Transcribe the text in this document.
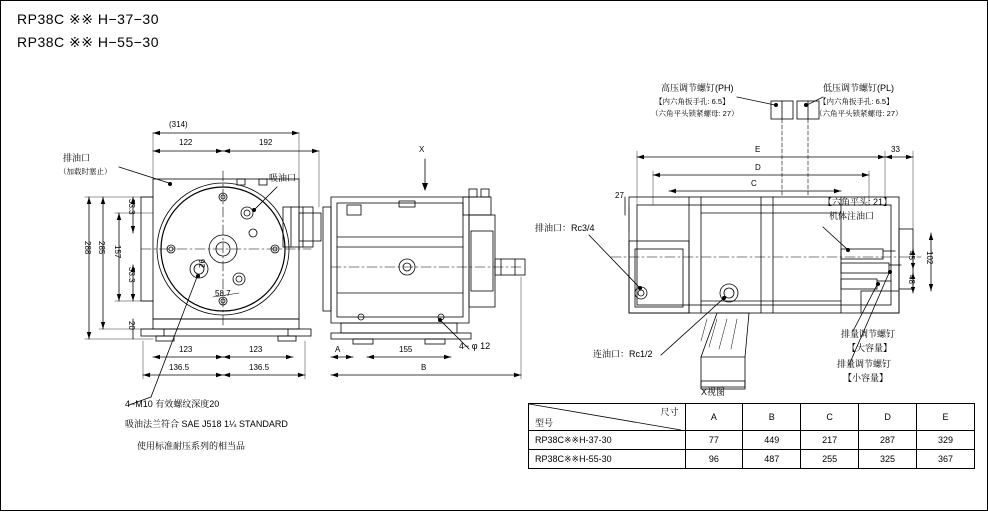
RP38C ※※ H−37−30
RP38C ※※ H−55−30
(314)
122	192
288 285 157
33.3
33.3
20
92
58.7
123	123
136.5	136.5
排油口
（加载时塞止）
吸油口
A	155
B
X
4− φ 12
E
D
C
33
27
102
45
48
高压调节螺钉(PH)
【内六角扳手孔: 6.5】
（六角平头锁紧螺母: 27）
低压调节螺钉(PL)
【内六角扳手孔: 6.5】
（六角平头锁紧螺母: 27）
【六角平头: 21】
机体注油口
排油口：Rc3/4
连油口：Rc1/2
X视图
排量调节螺钉
【大容量】
排量调节螺钉
【小容量】
4−M10 有效螺纹深度20
吸油法兰符合 SAE J518 1¼ STANDARD
使用标准耐压系列的相当品
尺寸
型号	A	B	C	D	E
RP38C※※H-37-30	77	449	217	287	329
RP38C※※H-55-30	96	487	255	325	367
